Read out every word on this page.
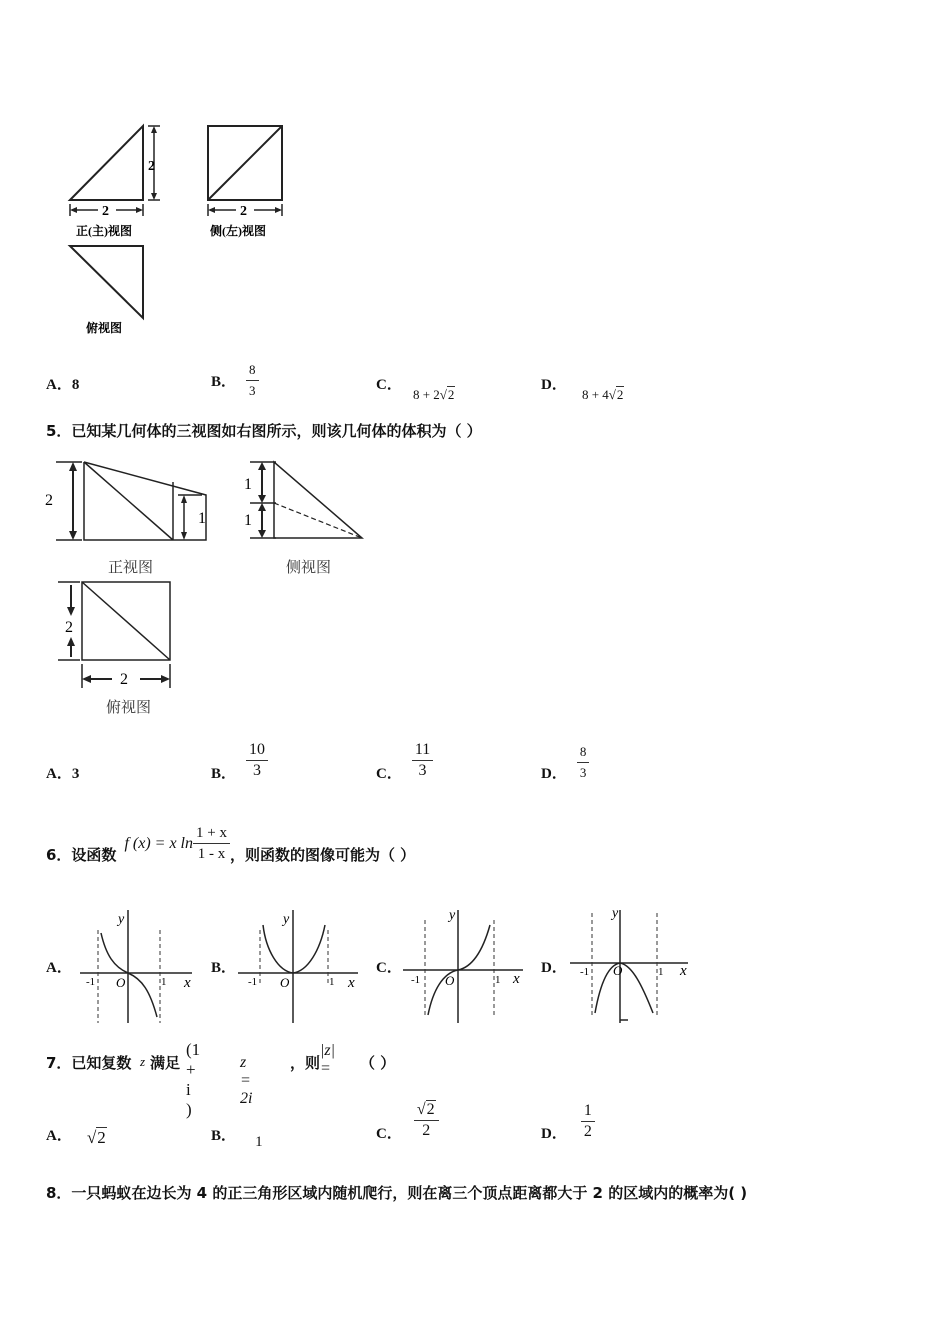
2
2
正(主)视图
2
侧(左)视图
俯视图
A．8	B． $\frac{8}{3}$	C． $_{8 + 2√2}$
D． $_{8 + 4√2}$
5．已知某几何体的三视图如右图所示，则该几何体的体积为（ ）
2
1
正视图
1
1
侧视图
2
2
俯视图
A．3	B． $\frac{10}{3}$	C． $\frac{11}{3}$	D． $\frac{8}{3}$
6．设函数
f (x) = x $\ln \frac{1 + x}{1 - x}$ ，则函数的图像可能为（ ）
y
x
O
-1	1
y
x
O
-1	1
y
x
O
-1	1
y
x
O
-1	1
A．	B．	C．	D．
7．已知复数 z 满足
(1 + i )
z = 2i
，则
|z| = （ ）
A． √2	B． 1	C． $\frac{√2}{2}$	D． $\frac{1}{2}$
8．一只蚂蚁在边长为 4 的正三角形区域内随机爬行，则在离三个顶点距离都大于 2 的区域内的概率为( )
